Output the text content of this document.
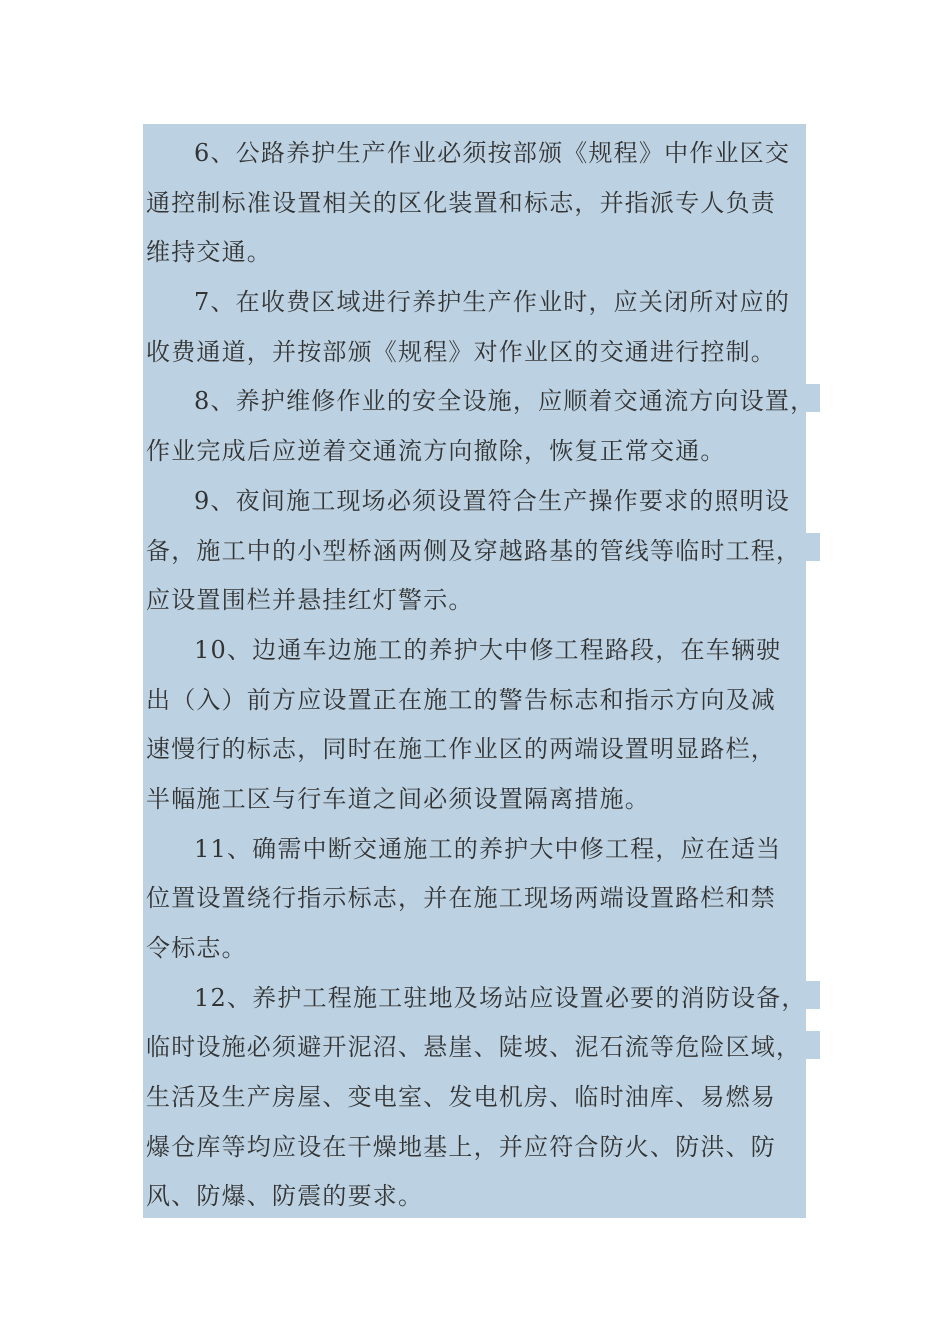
6、公路养护生产作业必须按部颁《规程》中作业区交
通控制标准设置相关的区化装置和标志，并指派专人负责
维持交通。

7、在收费区域进行养护生产作业时，应关闭所对应的
收费通道，并按部颁《规程》对作业区的交通进行控制。

8、养护维修作业的安全设施，应顺着交通流方向设置，
作业完成后应逆着交通流方向撤除，恢复正常交通。

9、夜间施工现场必须设置符合生产操作要求的照明设
备，施工中的小型桥涵两侧及穿越路基的管线等临时工程，
应设置围栏并悬挂红灯警示。

10、边通车边施工的养护大中修工程路段，在车辆驶
出（入）前方应设置正在施工的警告标志和指示方向及减
速慢行的标志，同时在施工作业区的两端设置明显路栏，
半幅施工区与行车道之间必须设置隔离措施。

11、确需中断交通施工的养护大中修工程，应在适当
位置设置绕行指示标志，并在施工现场两端设置路栏和禁
令标志。

12、养护工程施工驻地及场站应设置必要的消防设备，
临时设施必须避开泥沼、悬崖、陡坡、泥石流等危险区域，
生活及生产房屋、变电室、发电机房、临时油库、易燃易
爆仓库等均应设在干燥地基上，并应符合防火、防洪、防
风、防爆、防震的要求。
